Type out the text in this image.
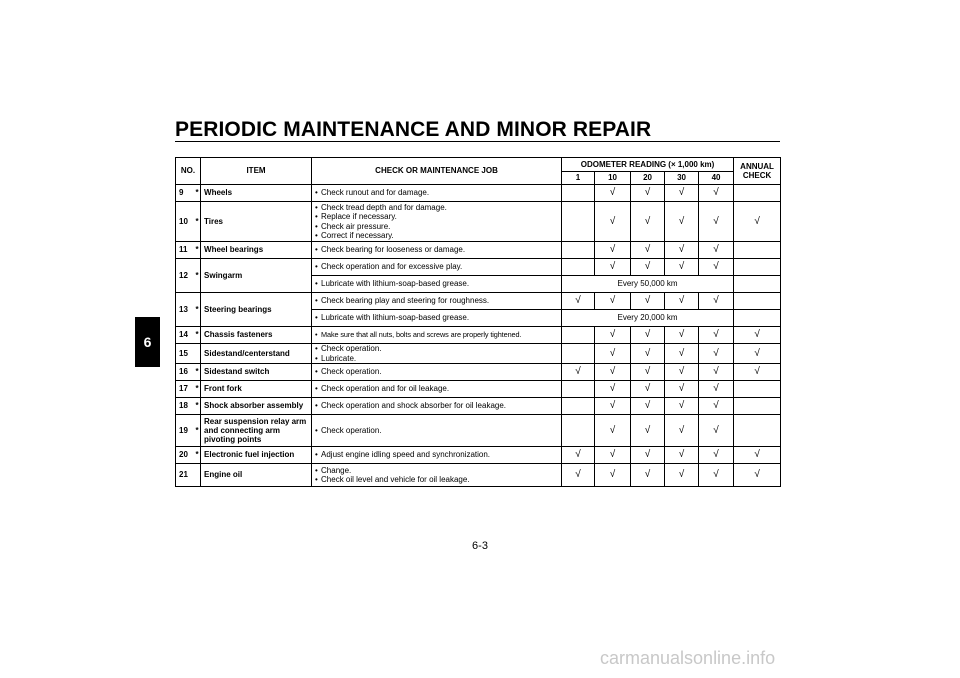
PERIODIC MAINTENANCE AND MINOR REPAIR
6
NO.		ITEM	CHECK OR MAINTENANCE JOB	ODOMETER READING (× 1,000 km)					ANNUAL CHECK
				1	10	20	30	40	
9	*	Wheels	• Check runout and for damage.		√	√	√	√	
10	*	Tires	• Check tread depth and for damage.
• Replace if necessary.
• Check air pressure.
• Correct if necessary.		√	√	√	√	√
11	*	Wheel bearings	• Check bearing for looseness or damage.		√	√	√	√	
12	*	Swingarm	• Check operation and for excessive play.		√	√	√	√	

			• Lubricate with lithium-soap-based grease.	Every 50,000 km					
13	*	Steering bearings	• Check bearing play and steering for roughness.	√	√	√	√	√	

			• Lubricate with lithium-soap-based grease.	Every 20,000 km					
14	*	Chassis fasteners	• Make sure that all nuts, bolts and screws are properly tightened.		√	√	√	√	√
15		Sidestand/centerstand	• Check operation.
• Lubricate.		√	√	√	√	√
16	*	Sidestand switch	• Check operation.	√	√	√	√	√	√
17	*	Front fork	• Check operation and for oil leakage.		√	√	√	√	
18	*	Shock absorber assembly	• Check operation and shock absorber for oil leakage.		√	√	√	√	
19	*	Rear suspension relay arm and connecting arm pivoting points	• Check operation.		√	√	√	√	
20	*	Electronic fuel injection	• Adjust engine idling speed and synchronization.	√	√	√	√	√	√
21		Engine oil	• Change.
• Check oil level and vehicle for oil leakage.	√	√	√	√	√	√
6-3
carmanualsonline.info
